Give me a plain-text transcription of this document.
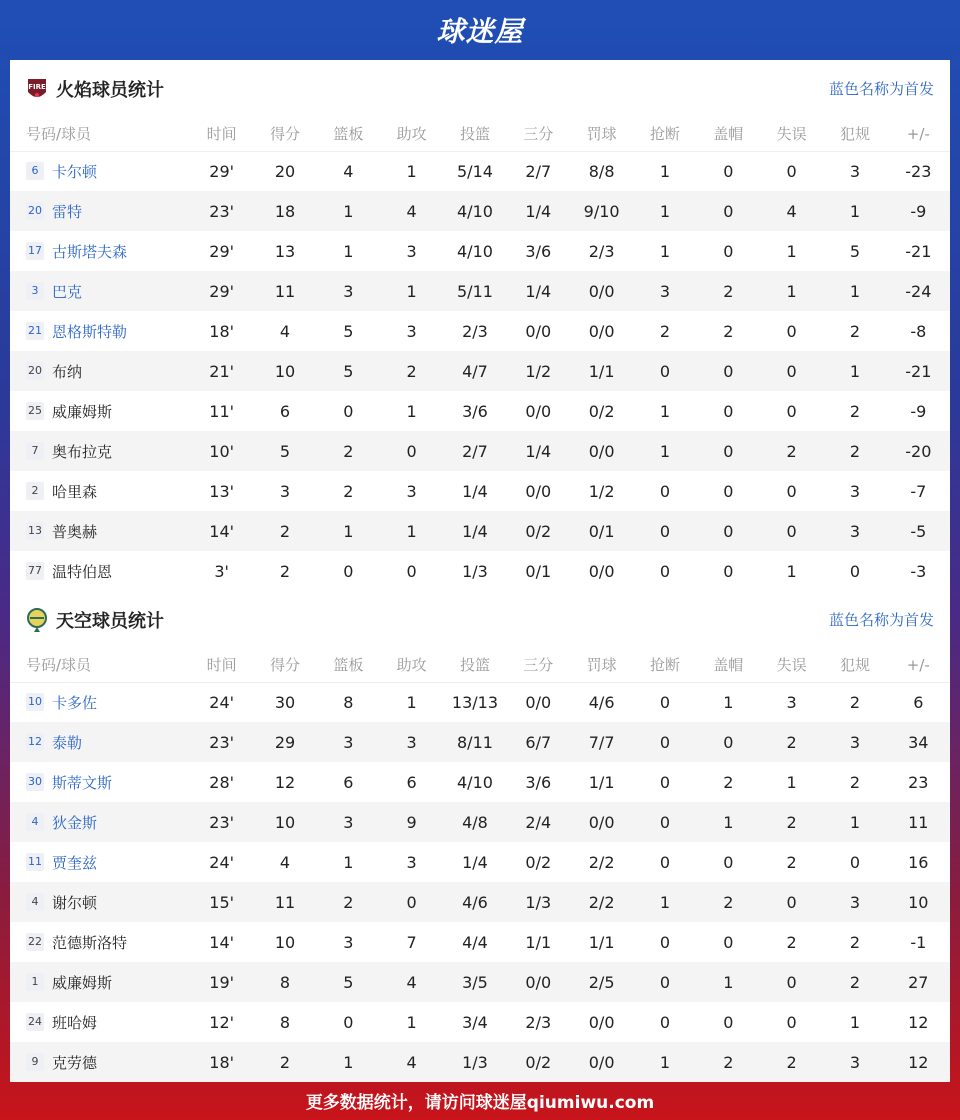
球迷屋
FIRE 火焰球员统计	蓝色名称为首发
号码/球员	时间	得分	篮板	助攻	投篮	三分	罚球	抢断	盖帽	失误	犯规	+/-
6 卡尔顿	29'	20	4	1	5/14	2/7	8/8	1	0	0	3	-23
20 雷特	23'	18	1	4	4/10	1/4	9/10	1	0	4	1	-9
17 古斯塔夫森	29'	13	1	3	4/10	3/6	2/3	1	0	1	5	-21
3 巴克	29'	11	3	1	5/11	1/4	0/0	3	2	1	1	-24
21 恩格斯特勒	18'	4	5	3	2/3	0/0	0/0	2	2	0	2	-8
20 布纳	21'	10	5	2	4/7	1/2	1/1	0	0	0	1	-21
25 威廉姆斯	11'	6	0	1	3/6	0/0	0/2	1	0	0	2	-9
7 奥布拉克	10'	5	2	0	2/7	1/4	0/0	1	0	2	2	-20
2 哈里森	13'	3	2	3	1/4	0/0	1/2	0	0	0	3	-7
13 普奥赫	14'	2	1	1	1/4	0/2	0/1	0	0	0	3	-5
77 温特伯恩	3'	2	0	0	1/3	0/1	0/0	0	0	1	0	-3
天空球员统计	蓝色名称为首发
号码/球员	时间	得分	篮板	助攻	投篮	三分	罚球	抢断	盖帽	失误	犯规	+/-
10 卡多佐	24'	30	8	1	13/13	0/0	4/6	0	1	3	2	6
12 泰勒	23'	29	3	3	8/11	6/7	7/7	0	0	2	3	34
30 斯蒂文斯	28'	12	6	6	4/10	3/6	1/1	0	2	1	2	23
4 狄金斯	23'	10	3	9	4/8	2/4	0/0	0	1	2	1	11
11 贾奎兹	24'	4	1	3	1/4	0/2	2/2	0	0	2	0	16
4 谢尔顿	15'	11	2	0	4/6	1/3	2/2	1	2	0	3	10
22 范德斯洛特	14'	10	3	7	4/4	1/1	1/1	0	0	2	2	-1
1 威廉姆斯	19'	8	5	4	3/5	0/0	2/5	0	1	0	2	27
24 班哈姆	12'	8	0	1	3/4	2/3	0/0	0	0	0	1	12
9 克劳德	18'	2	1	4	1/3	0/2	0/0	1	2	2	3	12
更多数据统计，请访问球迷屋qiumiwu.com
